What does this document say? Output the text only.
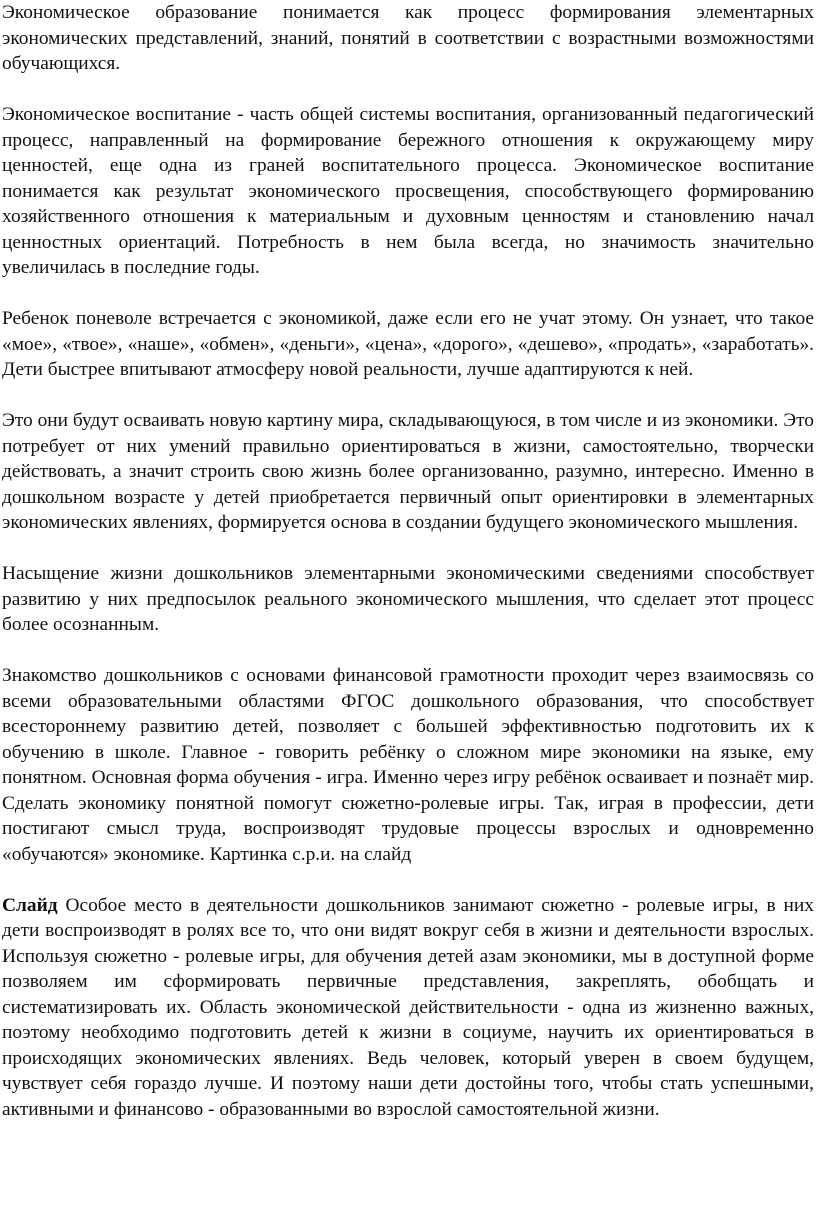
Экономическое образование понимается как процесс формирования элементарных экономических представлений, знаний, понятий в соответствии с возрастными возможностями обучающихся.

Экономическое воспитание - часть общей системы воспитания, организованный педагогический процесс, направленный на формирование бережного отношения к окружающему миру ценностей, еще одна из граней воспитательного процесса. Экономическое воспитание понимается как результат экономического просвещения, способствующего формированию хозяйственного отношения к материальным и духовным ценностям и становлению начал ценностных ориентаций. Потребность в нем была всегда, но значимость значительно увеличилась в последние годы.

Ребенок поневоле встречается с экономикой, даже если его не учат этому. Он узнает, что такое «мое», «твое», «наше», «обмен», «деньги», «цена», «дорого», «дешево», «продать», «заработать». Дети быстрее впитывают атмосферу новой реальности, лучше адаптируются к ней.

Это они будут осваивать новую картину мира, складывающуюся, в том числе и из экономики. Это потребует от них умений правильно ориентироваться в жизни, самостоятельно, творчески действовать, а значит строить свою жизнь более организованно, разумно, интересно. Именно в дошкольном возрасте у детей приобретается первичный опыт ориентировки в элементарных экономических явлениях, формируется основа в создании будущего экономического мышления.

Насыщение жизни дошкольников элементарными экономическими сведениями способствует развитию у них предпосылок реального экономического мышления, что сделает этот процесс более осознанным.

Знакомство дошкольников с основами финансовой грамотности проходит через взаимосвязь со всеми образовательными областями ФГОС дошкольного образования, что способствует всестороннему развитию детей, позволяет с большей эффективностью подготовить их к обучению в школе. Главное - говорить ребёнку о сложном мире экономики на языке, ему понятном. Основная форма обучения - игра. Именно через игру ребёнок осваивает и познаёт мир. Сделать экономику понятной помогут сюжетно-ролевые игры. Так, играя в профессии, дети постигают смысл труда, воспроизводят трудовые процессы взрослых и одновременно «обучаются» экономике. Картинка с.р.и. на слайд

Слайд Особое место в деятельности дошкольников занимают сюжетно - ролевые игры, в них дети воспроизводят в ролях все то, что они видят вокруг себя в жизни и деятельности взрослых. Используя сюжетно - ролевые игры, для обучения детей азам экономики, мы в доступной форме позволяем им сформировать первичные представления, закреплять, обобщать и систематизировать их. Область экономической действительности - одна из жизненно важных, поэтому необходимо подготовить детей к жизни в социуме, научить их ориентироваться в происходящих экономических явлениях. Ведь человек, который уверен в своем будущем, чувствует себя гораздо лучше. И поэтому наши дети достойны того, чтобы стать успешными, активными и финансово - образованными во взрослой самостоятельной жизни.
